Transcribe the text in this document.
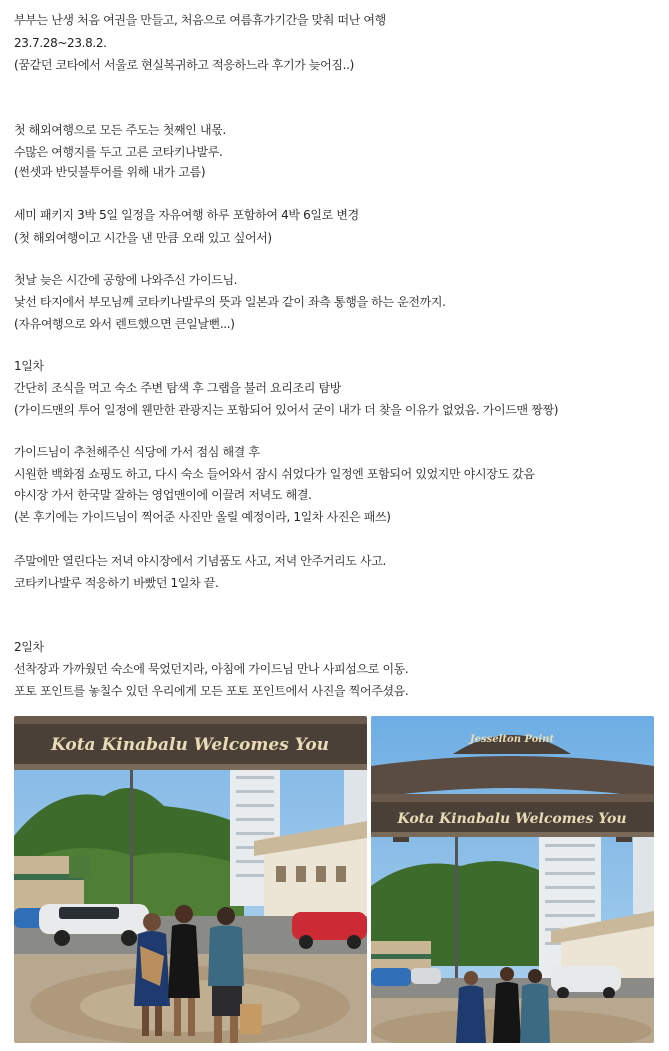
부부는 난생 처음 여권을 만들고, 처음으로 여름휴가기간을 맞춰 떠난 여행
23.7.28~23.8.2.
(꿈같던 코타에서 서울로 현실복귀하고 적응하느라 후기가 늦어짐..)
첫 해외여행으로 모든 주도는 첫째인 내몫.
수많은 여행지를 두고 고른 코타키나발루.
(썬셋과 반딧불투어를 위해 내가 고름)
세미 패키지 3박 5일 일정을 자유여행 하루 포함하여 4박 6일로 변경
(첫 해외여행이고 시간을 낸 만큼 오래 있고 싶어서)
첫날 늦은 시간에 공항에 나와주신 가이드님.
낯선 타지에서 부모님께 코타키나발루의 뜻과 일본과 같이 좌측 통행을 하는 운전까지.
(자유여행으로 와서 렌트했으면 큰일날뻔...)
1일차
간단히 조식을 먹고 숙소 주변 탐색 후 그랩을 불러 요리조리 탐방
(가이드맨의 투어 일정에 웬만한 관광지는 포함되어 있어서 굳이 내가 더 찾을 이유가 없었음. 가이드맨 짱짱)
가이드님이 추천해주신 식당에 가서 점심 해결 후
시원한 백화점 쇼핑도 하고, 다시 숙소 들어와서 잠시 쉬었다가 일정엔 포함되어 있었지만 야시장도 갔음
야시장 가서 한국말 잘하는 영업맨이에 이끌려 저녁도 해결.
(본 후기에는 가이드님이 찍어준 사진만 올릴 예정이라, 1일차 사진은 패쓰)
주말에만 열린다는 저녁 야시장에서 기념품도 사고, 저녁 안주거리도 사고.
코타키나발루 적응하기 바빴던 1일차 끝.
2일차
선착장과 가까웠던 숙소에 묵었던지라, 아침에 가이드님 만나 사피섬으로 이동.
포토 포인트를 놓칠수 있던 우리에게 모든 포토 포인트에서 사진을 찍어주셨음.
Kota Kinabalu Welcomes You	Jesselton Point
Kota Kinabalu Welcomes You
